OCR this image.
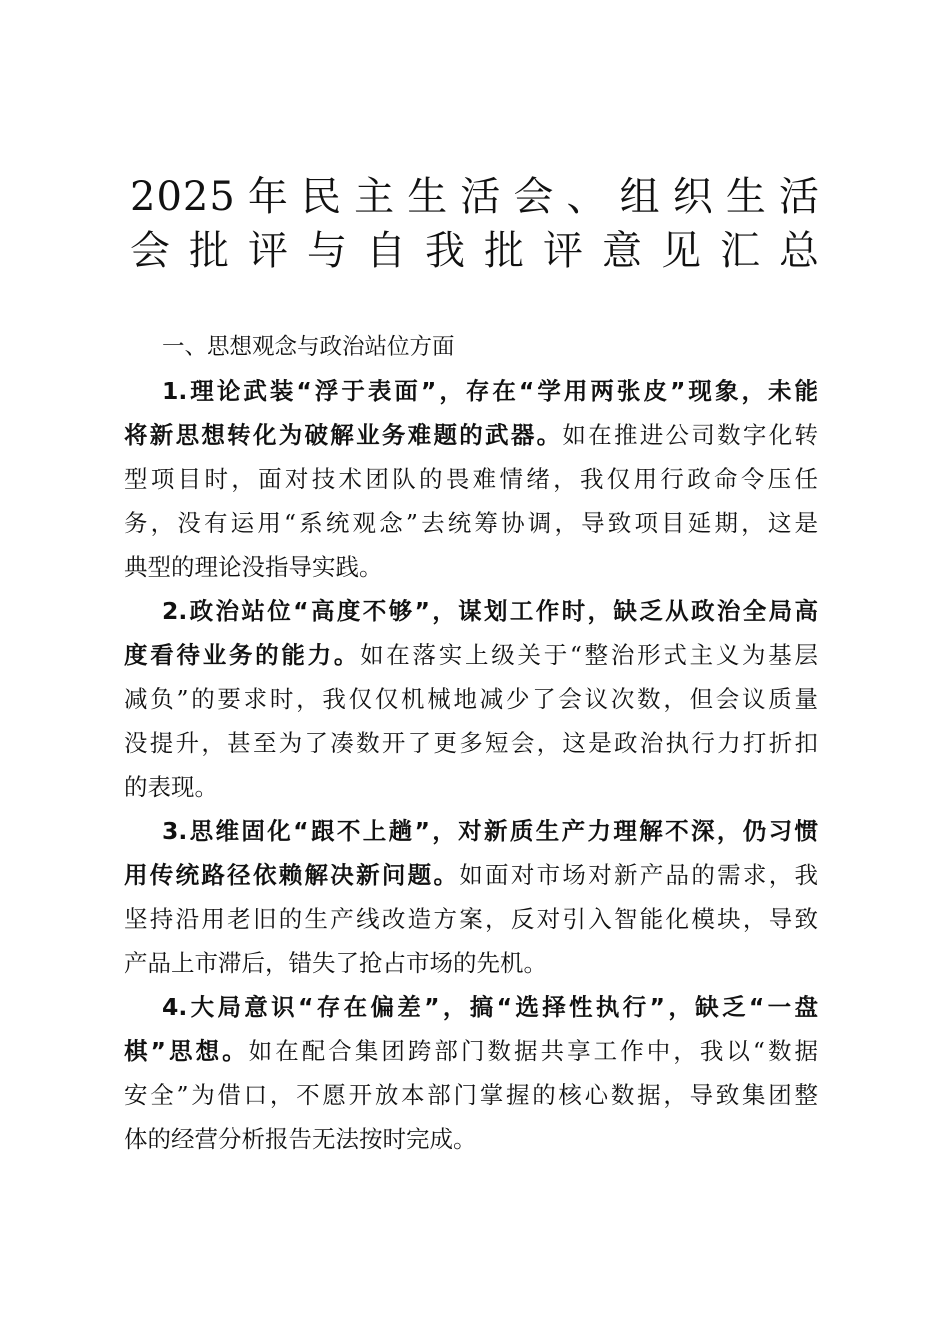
2025年民主生活会、组织生活
会批评与自我批评意见汇总
一、思想观念与政治站位方面
1.理论武装“浮于表面”，存在“学用两张皮”现象，未能
将新思想转化为破解业务难题的武器。如在推进公司数字化转
型项目时，面对技术团队的畏难情绪，我仅用行政命令压任
务，没有运用“系统观念”去统筹协调，导致项目延期，这是
典型的理论没指导实践。
2.政治站位“高度不够”，谋划工作时，缺乏从政治全局高
度看待业务的能力。如在落实上级关于“整治形式主义为基层
减负”的要求时，我仅仅机械地减少了会议次数，但会议质量
没提升，甚至为了凑数开了更多短会，这是政治执行力打折扣
的表现。
3.思维固化“跟不上趟”，对新质生产力理解不深，仍习惯
用传统路径依赖解决新问题。如面对市场对新产品的需求，我
坚持沿用老旧的生产线改造方案，反对引入智能化模块，导致
产品上市滞后，错失了抢占市场的先机。
4.大局意识“存在偏差”，搞“选择性执行”，缺乏“一盘
棋”思想。如在配合集团跨部门数据共享工作中，我以“数据
安全”为借口，不愿开放本部门掌握的核心数据，导致集团整
体的经营分析报告无法按时完成。
